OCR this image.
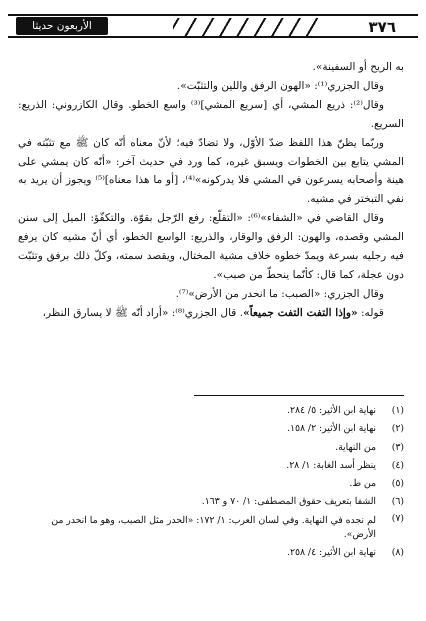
٣٧٦
الأربعون حديثا

به الريح أو السفينة».

وقال الجزري⁽¹⁾: «الهون الرفق واللين والتثبّت».

وقال⁽²⁾: ذريع المشي، أي [سريع المشي]⁽³⁾ واسع الخطو. وقال الكازروني: الذريع: السريع.

وربّما يظنّ هذا اللفظ ضدّ الأوّل، ولا تضادّ فيه؛ لأنّ معناه أنّه كان ﷺ مع تثبّته في المشي يتابع بين الخطوات ويسبق غيره، كما ورد في حديث آخر: «أنّه كان يمشي على هينة وأصحابه يسرعون في المشي فلا يدركونه»⁽⁴⁾، [أو ما هذا معناه]⁽⁵⁾ ويجوز أن يريد به نفي التبختر في مشيه.

وقال القاضي في «الشفاء»⁽⁶⁾: «التقلّع: رفع الرّجل بقوّة. والتكفّؤ: الميل إلى سنن المشي وقصده، والهون: الرفق والوقار، والذريع: الواسع الخطو، أي أنّ مشيه كان يرفع فيه رجليه بسرعة ويمدّ خطوه خلاف مشية المختال، ويقصد سمته، وكلّ ذلك برفق وتثبّت دون عجلة، كما قال: كأنّما ينحطّ من صبب».

وقال الجزري: «الصبب: ما انحدر من الأرض»⁽⁷⁾.

قوله: «وإذا التفت التفت جميعاً». قال الجزري⁽⁸⁾: «أراد أنّه ﷺ لا يسارق النظر،

(١)
نهاية ابن الأثير: ٥/ ٢٨٤.

(٢)
نهاية ابن الأثير: ٢/ ١٥٨.

(٣)
من النهاية.

(٤)
ينظر أسد الغابة: ١/ ٢٨.

(٥)
من ط.

(٦)
الشفا بتعريف حقوق المصطفى: ١/ ٧٠ و ١٦٣.

(٧)
لم نجده في النهاية. وفي لسان العرب: ١/ ١٧٢: «الحدر مثل الصبب، وهو ما انحدر من الأرض».

(٨)
نهاية ابن الأثير: ٤/ ٢٥٨.
